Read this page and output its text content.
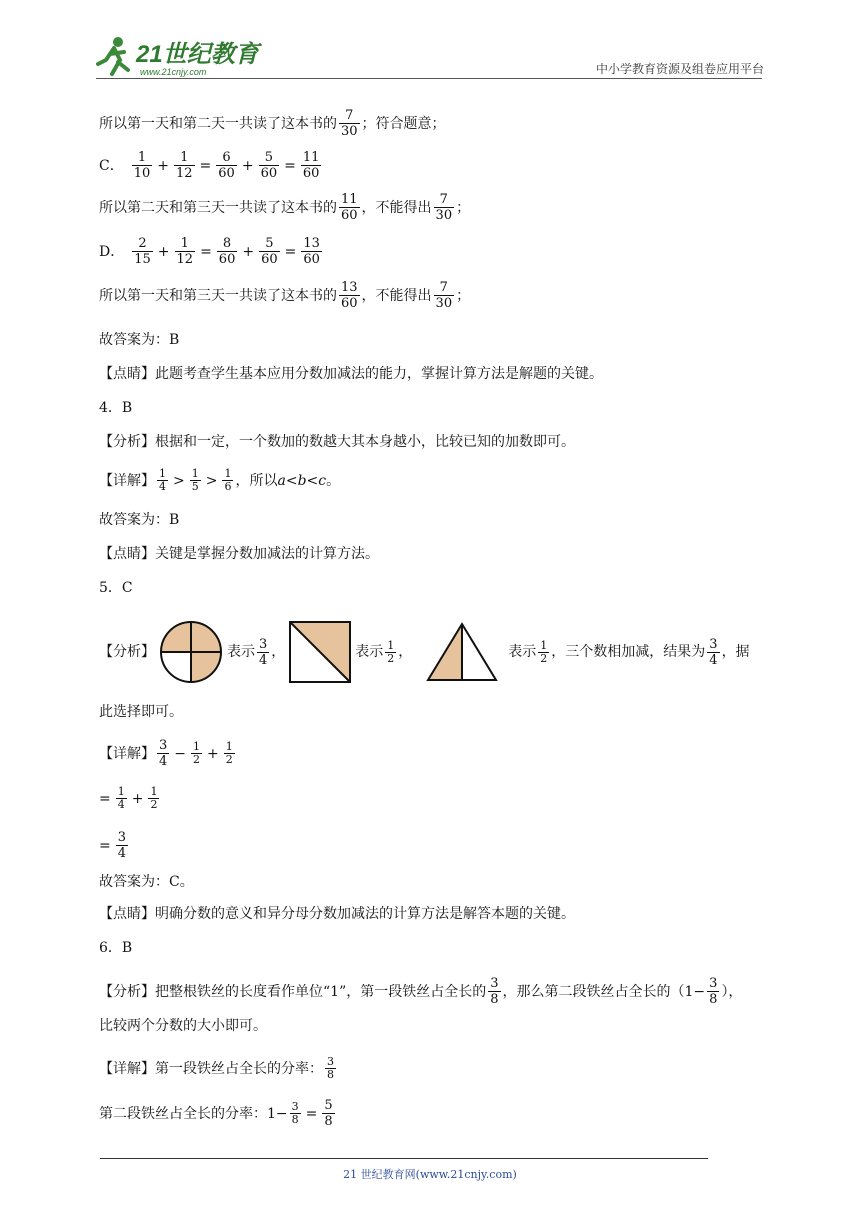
21世纪教育
www.21cnjy.com	中小学教育资源及组卷应用平台
所以第一天和第二天一共读了这本书的 $\frac{7}{30}$ ；符合题意；
C． $\frac{1}{10} + \frac{1}{12} = \frac{6}{60} + \frac{5}{60} = \frac{11}{60}$
所以第二天和第三天一共读了这本书的 $\frac{11}{60}$ ，不能得出 $\frac{7}{30}$ ；
D． $\frac{2}{15} + \frac{1}{12} = \frac{8}{60} + \frac{5}{60} = \frac{13}{60}$
所以第一天和第三天一共读了这本书的 $\frac{13}{60}$ ，不能得出 $\frac{7}{30}$ ；
故答案为：B
【点睛】此题考查学生基本应用分数加减法的能力，掌握计算方法是解题的关键。
4．B
【分析】根据和一定，一个数加的数越大其本身越小，比较已知的加数即可。
【详解】 $\frac{1}{4} > \frac{1}{5} > \frac{1}{6}$ ，所以 a < b < c 。
故答案为：B
【点睛】关键是掌握分数加减法的计算方法。
5．C
【分析】	表示 $\frac{3}{4}$ ，	表示 $\frac{1}{2}$ ，	表示 $\frac{1}{2}$ ，三个数相加减，结果为 $\frac{3}{4}$ ，据
此选择即可。
【详解】 $\frac{3}{4} - \frac{1}{2} + \frac{1}{2}$
= $\frac{1}{4} + \frac{1}{2}$
= $\frac{3}{4}$
故答案为：C。
【点睛】明确分数的意义和异分母分数加减法的计算方法是解答本题的关键。
6．B
【分析】把整根铁丝的长度看作单位“1”，第一段铁丝占全长的 $\frac{3}{8}$ ，那么第二段铁丝占全长的（$1- \frac{3}{8}$ ），
比较两个分数的大小即可。
【详解】第一段铁丝占全长的分率： $\frac{3}{8}$
第二段铁丝占全长的分率：$1- \frac{3}{8} = \frac{5}{8}$
21 世纪教育网(www.21cnjy.com)
